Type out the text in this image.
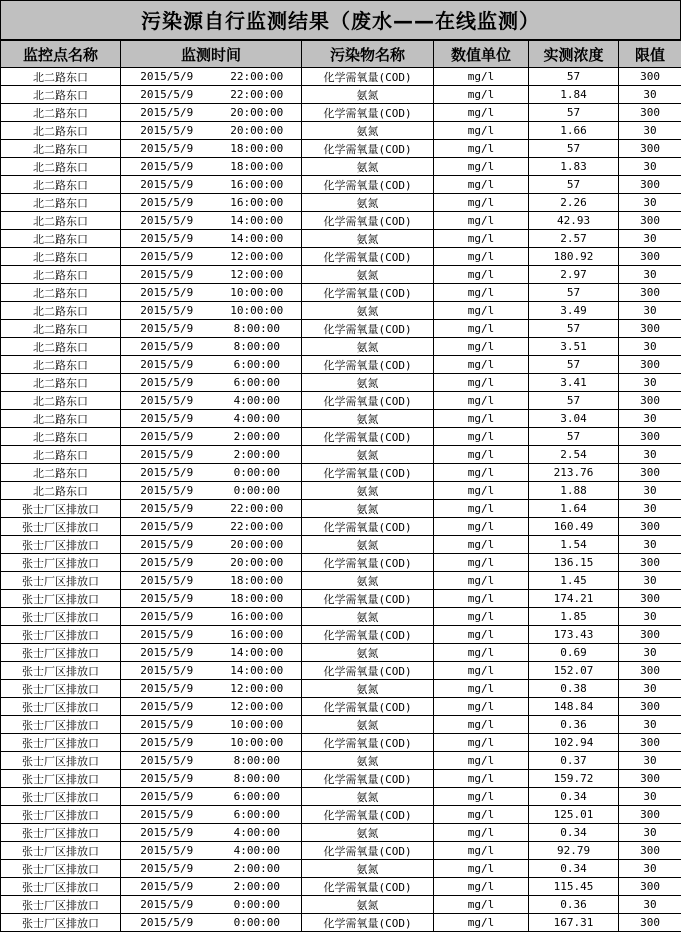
污染源自行监测结果（废水——在线监测）
监控点名称	监测时间		污染物名称	数值单位	实测浓度	限值
北二路东口	2015/5/9	22:00:00	化学需氧量(COD)	mg/l	57	300
北二路东口	2015/5/9	22:00:00	氨氮	mg/l	1.84	30
北二路东口	2015/5/9	20:00:00	化学需氧量(COD)	mg/l	57	300
北二路东口	2015/5/9	20:00:00	氨氮	mg/l	1.66	30
北二路东口	2015/5/9	18:00:00	化学需氧量(COD)	mg/l	57	300
北二路东口	2015/5/9	18:00:00	氨氮	mg/l	1.83	30
北二路东口	2015/5/9	16:00:00	化学需氧量(COD)	mg/l	57	300
北二路东口	2015/5/9	16:00:00	氨氮	mg/l	2.26	30
北二路东口	2015/5/9	14:00:00	化学需氧量(COD)	mg/l	42.93	300
北二路东口	2015/5/9	14:00:00	氨氮	mg/l	2.57	30
北二路东口	2015/5/9	12:00:00	化学需氧量(COD)	mg/l	180.92	300
北二路东口	2015/5/9	12:00:00	氨氮	mg/l	2.97	30
北二路东口	2015/5/9	10:00:00	化学需氧量(COD)	mg/l	57	300
北二路东口	2015/5/9	10:00:00	氨氮	mg/l	3.49	30
北二路东口	2015/5/9	8:00:00	化学需氧量(COD)	mg/l	57	300
北二路东口	2015/5/9	8:00:00	氨氮	mg/l	3.51	30
北二路东口	2015/5/9	6:00:00	化学需氧量(COD)	mg/l	57	300
北二路东口	2015/5/9	6:00:00	氨氮	mg/l	3.41	30
北二路东口	2015/5/9	4:00:00	化学需氧量(COD)	mg/l	57	300
北二路东口	2015/5/9	4:00:00	氨氮	mg/l	3.04	30
北二路东口	2015/5/9	2:00:00	化学需氧量(COD)	mg/l	57	300
北二路东口	2015/5/9	2:00:00	氨氮	mg/l	2.54	30
北二路东口	2015/5/9	0:00:00	化学需氧量(COD)	mg/l	213.76	300
北二路东口	2015/5/9	0:00:00	氨氮	mg/l	1.88	30
张士厂区排放口	2015/5/9	22:00:00	氨氮	mg/l	1.64	30
张士厂区排放口	2015/5/9	22:00:00	化学需氧量(COD)	mg/l	160.49	300
张士厂区排放口	2015/5/9	20:00:00	氨氮	mg/l	1.54	30
张士厂区排放口	2015/5/9	20:00:00	化学需氧量(COD)	mg/l	136.15	300
张士厂区排放口	2015/5/9	18:00:00	氨氮	mg/l	1.45	30
张士厂区排放口	2015/5/9	18:00:00	化学需氧量(COD)	mg/l	174.21	300
张士厂区排放口	2015/5/9	16:00:00	氨氮	mg/l	1.85	30
张士厂区排放口	2015/5/9	16:00:00	化学需氧量(COD)	mg/l	173.43	300
张士厂区排放口	2015/5/9	14:00:00	氨氮	mg/l	0.69	30
张士厂区排放口	2015/5/9	14:00:00	化学需氧量(COD)	mg/l	152.07	300
张士厂区排放口	2015/5/9	12:00:00	氨氮	mg/l	0.38	30
张士厂区排放口	2015/5/9	12:00:00	化学需氧量(COD)	mg/l	148.84	300
张士厂区排放口	2015/5/9	10:00:00	氨氮	mg/l	0.36	30
张士厂区排放口	2015/5/9	10:00:00	化学需氧量(COD)	mg/l	102.94	300
张士厂区排放口	2015/5/9	8:00:00	氨氮	mg/l	0.37	30
张士厂区排放口	2015/5/9	8:00:00	化学需氧量(COD)	mg/l	159.72	300
张士厂区排放口	2015/5/9	6:00:00	氨氮	mg/l	0.34	30
张士厂区排放口	2015/5/9	6:00:00	化学需氧量(COD)	mg/l	125.01	300
张士厂区排放口	2015/5/9	4:00:00	氨氮	mg/l	0.34	30
张士厂区排放口	2015/5/9	4:00:00	化学需氧量(COD)	mg/l	92.79	300
张士厂区排放口	2015/5/9	2:00:00	氨氮	mg/l	0.34	30
张士厂区排放口	2015/5/9	2:00:00	化学需氧量(COD)	mg/l	115.45	300
张士厂区排放口	2015/5/9	0:00:00	氨氮	mg/l	0.36	30
张士厂区排放口	2015/5/9	0:00:00	化学需氧量(COD)	mg/l	167.31	300
